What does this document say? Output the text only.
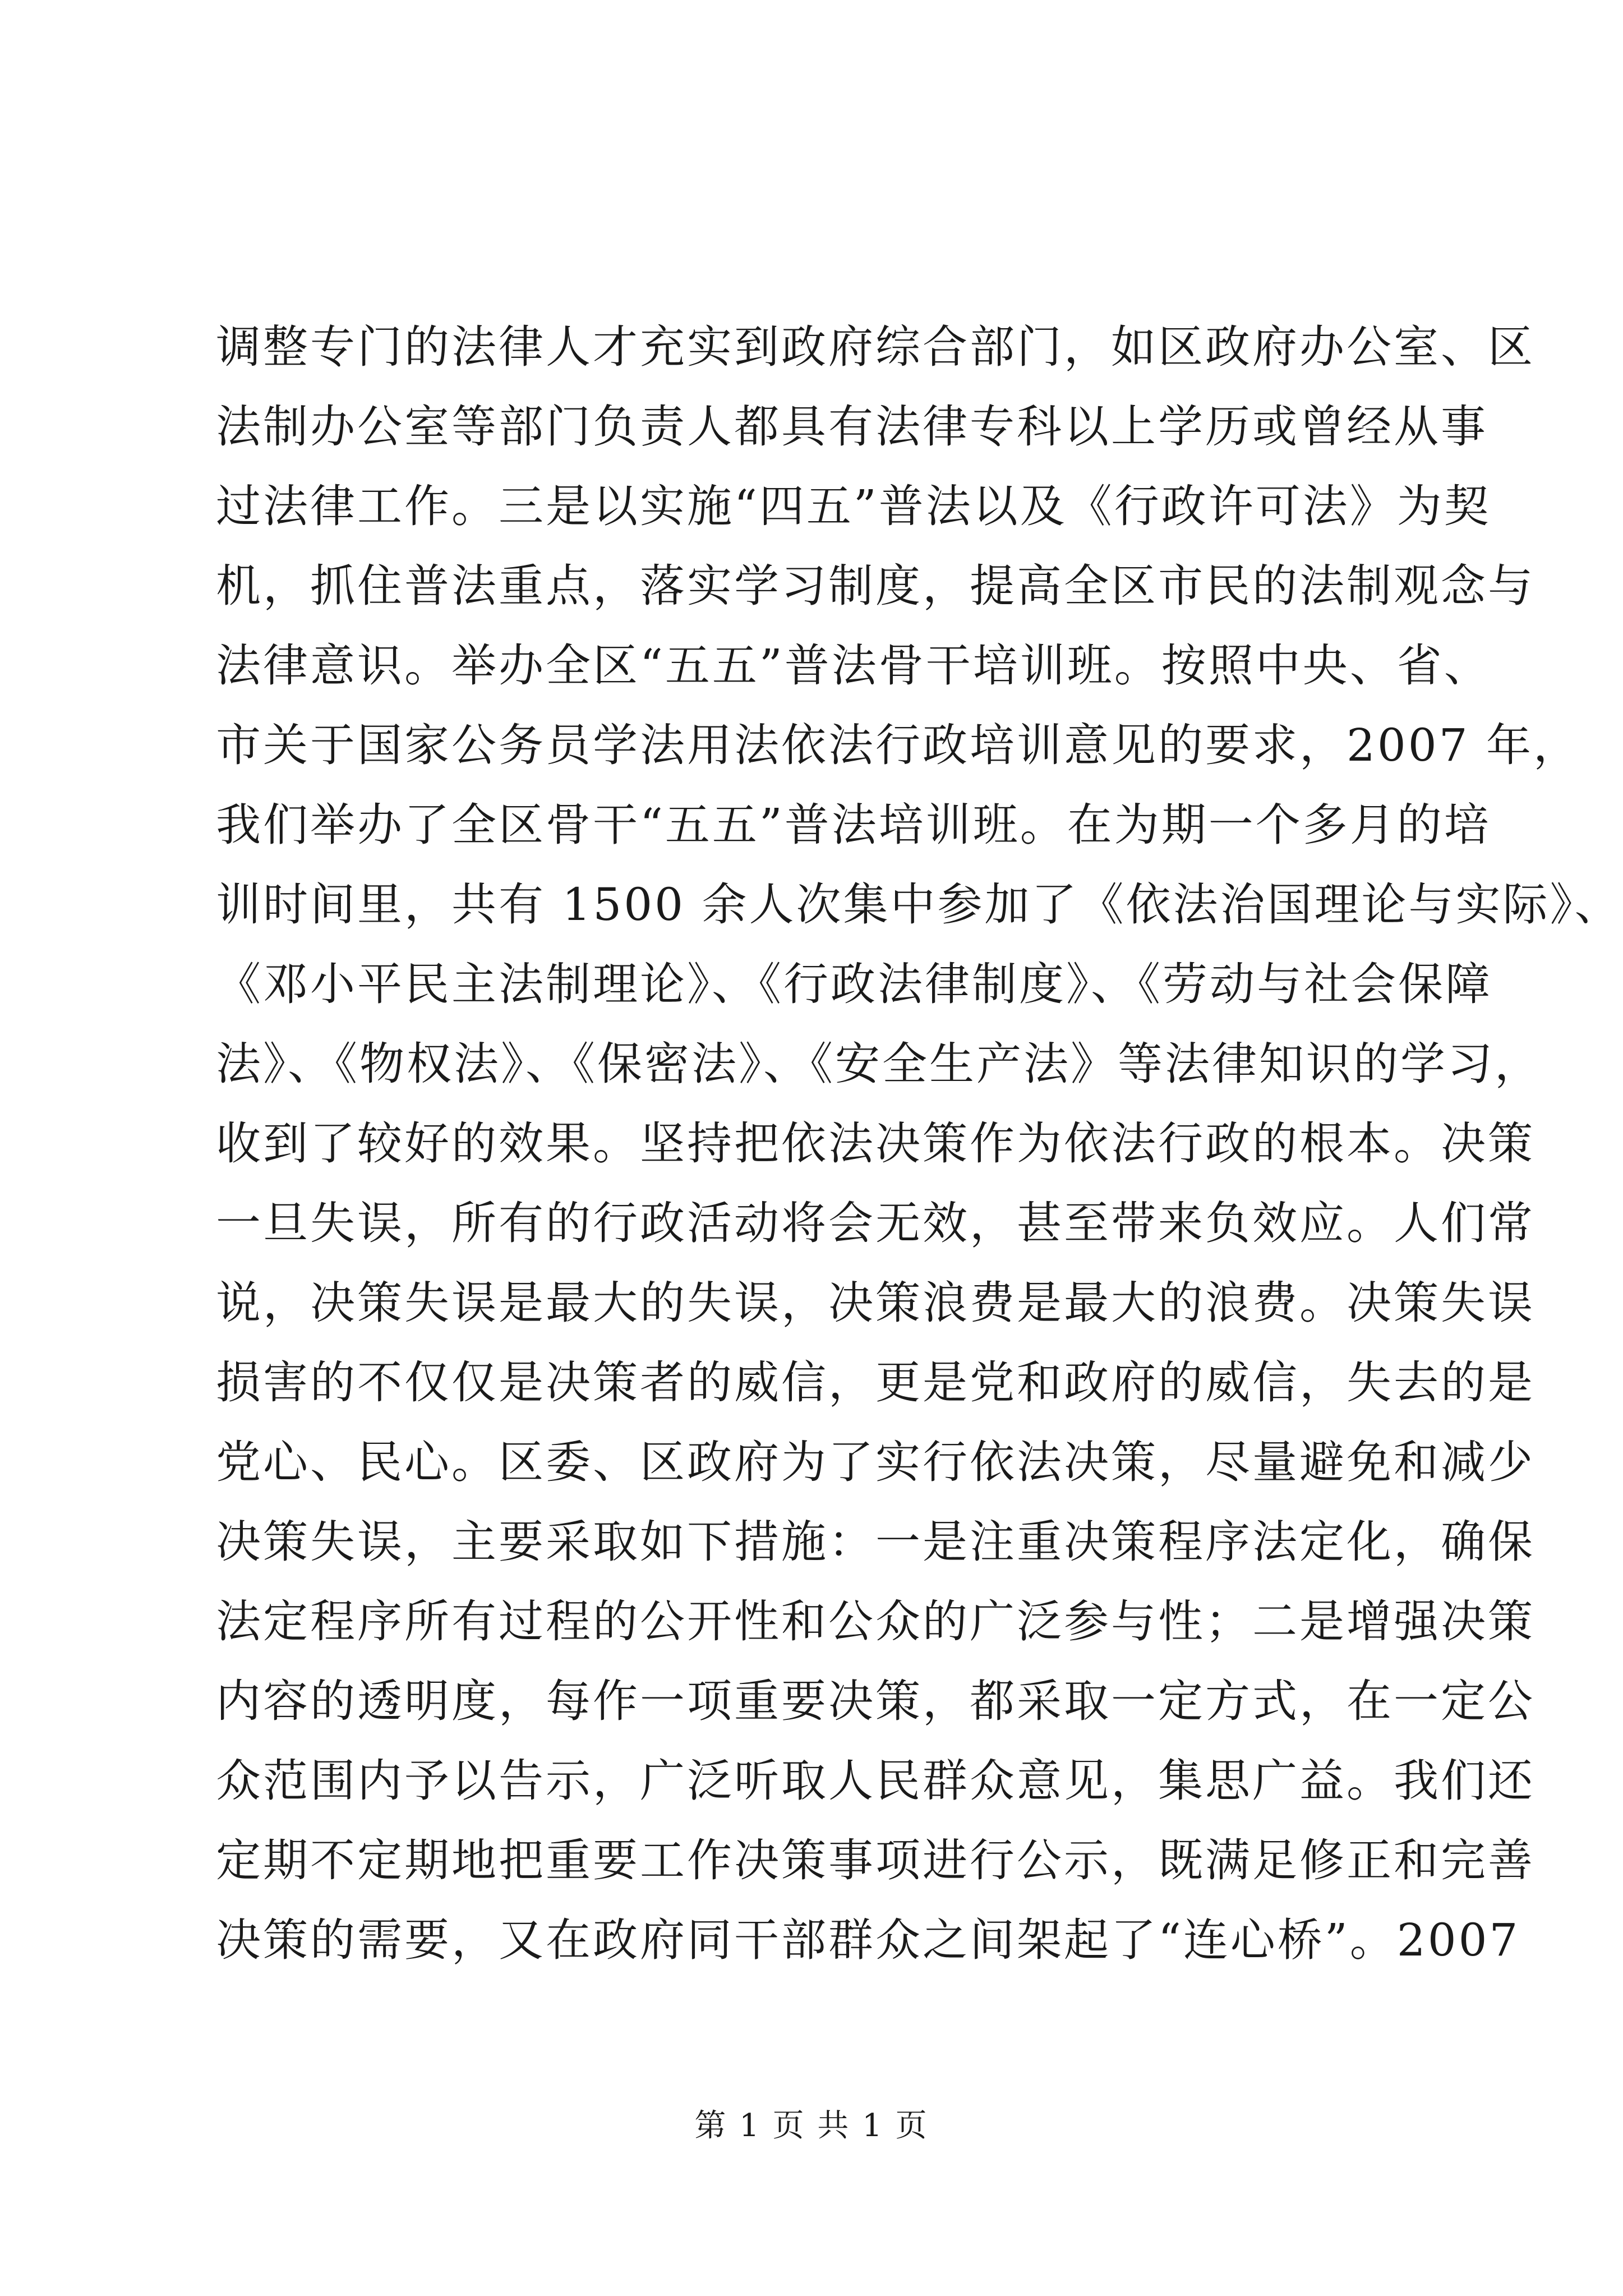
调整专门的法律人才充实到政府综合部门，如区政府办公室、区
法制办公室等部门负责人都具有法律专科以上学历或曾经从事
过法律工作。三是以实施“四五”普法以及《行政许可法》为契
机，抓住普法重点，落实学习制度，提高全区市民的法制观念与
法律意识。举办全区“五五”普法骨干培训班。按照中央、省、
市关于国家公务员学法用法依法行政培训意见的要求，2007 年，
我们举办了全区骨干“五五”普法培训班。在为期一个多月的培
训时间里，共有 1500 余人次集中参加了《依法治国理论与实际》、
《邓小平民主法制理论》、《行政法律制度》、《劳动与社会保障
法》、《物权法》、《保密法》、《安全生产法》等法律知识的学习，
收到了较好的效果。坚持把依法决策作为依法行政的根本。决策
一旦失误，所有的行政活动将会无效，甚至带来负效应。人们常
说，决策失误是最大的失误，决策浪费是最大的浪费。决策失误
损害的不仅仅是决策者的威信，更是党和政府的威信，失去的是
党心、民心。区委、区政府为了实行依法决策，尽量避免和减少
决策失误，主要采取如下措施：一是注重决策程序法定化，确保
法定程序所有过程的公开性和公众的广泛参与性；二是增强决策
内容的透明度，每作一项重要决策，都采取一定方式，在一定公
众范围内予以告示，广泛听取人民群众意见，集思广益。我们还
定期不定期地把重要工作决策事项进行公示，既满足修正和完善
决策的需要，又在政府同干部群众之间架起了“连心桥”。2007
第 1 页 共 1 页
